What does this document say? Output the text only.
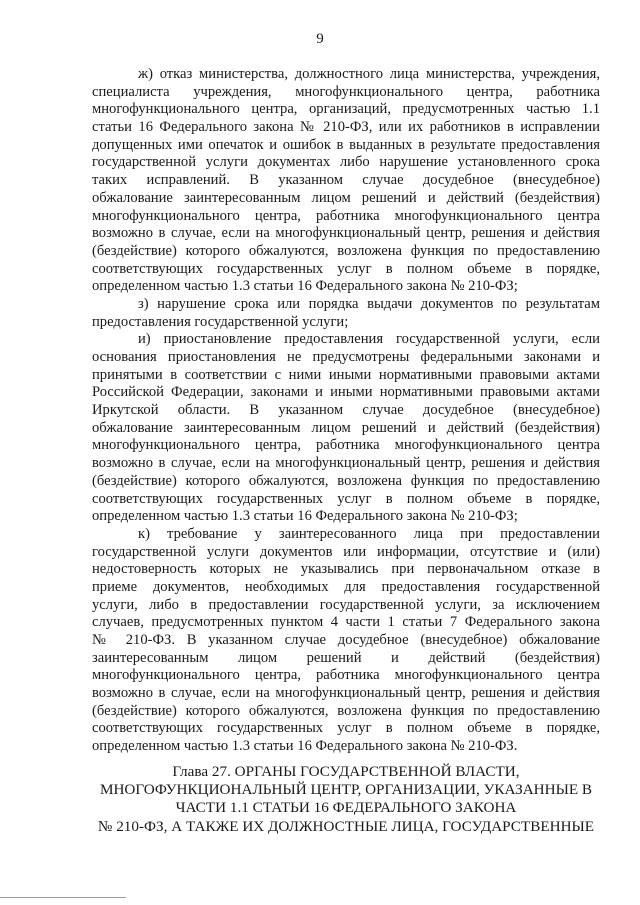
9
ж) отказ министерства, должностного лица министерства, учреждения,
специалиста учреждения, многофункционального центра, работника
многофункционального центра, организаций, предусмотренных частью 1.1
статьи 16 Федерального закона № 210-ФЗ, или их работников в исправлении
допущенных ими опечаток и ошибок в выданных в результате предоставления
государственной услуги документах либо нарушение установленного срока
таких исправлений. В указанном случае досудебное (внесудебное)
обжалование заинтересованным лицом решений и действий (бездействия)
многофункционального центра, работника многофункционального центра
возможно в случае, если на многофункциональный центр, решения и действия
(бездействие) которого обжалуются, возложена функция по предоставлению
соответствующих государственных услуг в полном объеме в порядке,
определенном частью 1.3 статьи 16 Федерального закона № 210-ФЗ;
з) нарушение срока или порядка выдачи документов по результатам
предоставления государственной услуги;
и) приостановление предоставления государственной услуги, если
основания приостановления не предусмотрены федеральными законами и
принятыми в соответствии с ними иными нормативными правовыми актами
Российской Федерации, законами и иными нормативными правовыми актами
Иркутской области. В указанном случае досудебное (внесудебное)
обжалование заинтересованным лицом решений и действий (бездействия)
многофункционального центра, работника многофункционального центра
возможно в случае, если на многофункциональный центр, решения и действия
(бездействие) которого обжалуются, возложена функция по предоставлению
соответствующих государственных услуг в полном объеме в порядке,
определенном частью 1.3 статьи 16 Федерального закона № 210-ФЗ;
к) требование у заинтересованного лица при предоставлении
государственной услуги документов или информации, отсутствие и (или)
недостоверность которых не указывались при первоначальном отказе в
приеме документов, необходимых для предоставления государственной
услуги, либо в предоставлении государственной услуги, за исключением
случаев, предусмотренных пунктом 4 части 1 статьи 7 Федерального закона
№ 210-ФЗ. В указанном случае досудебное (внесудебное) обжалование
заинтересованным лицом решений и действий (бездействия)
многофункционального центра, работника многофункционального центра
возможно в случае, если на многофункциональный центр, решения и действия
(бездействие) которого обжалуются, возложена функция по предоставлению
соответствующих государственных услуг в полном объеме в порядке,
определенном частью 1.3 статьи 16 Федерального закона № 210-ФЗ.
Глава 27. ОРГАНЫ ГОСУДАРСТВЕННОЙ ВЛАСТИ,
МНОГОФУНКЦИОНАЛЬНЫЙ ЦЕНТР, ОРГАНИЗАЦИИ, УКАЗАННЫЕ В
ЧАСТИ 1.1 СТАТЬИ 16 ФЕДЕРАЛЬНОГО ЗАКОНА
№ 210-ФЗ, А ТАКЖЕ ИХ ДОЛЖНОСТНЫЕ ЛИЦА, ГОСУДАРСТВЕННЫЕ
